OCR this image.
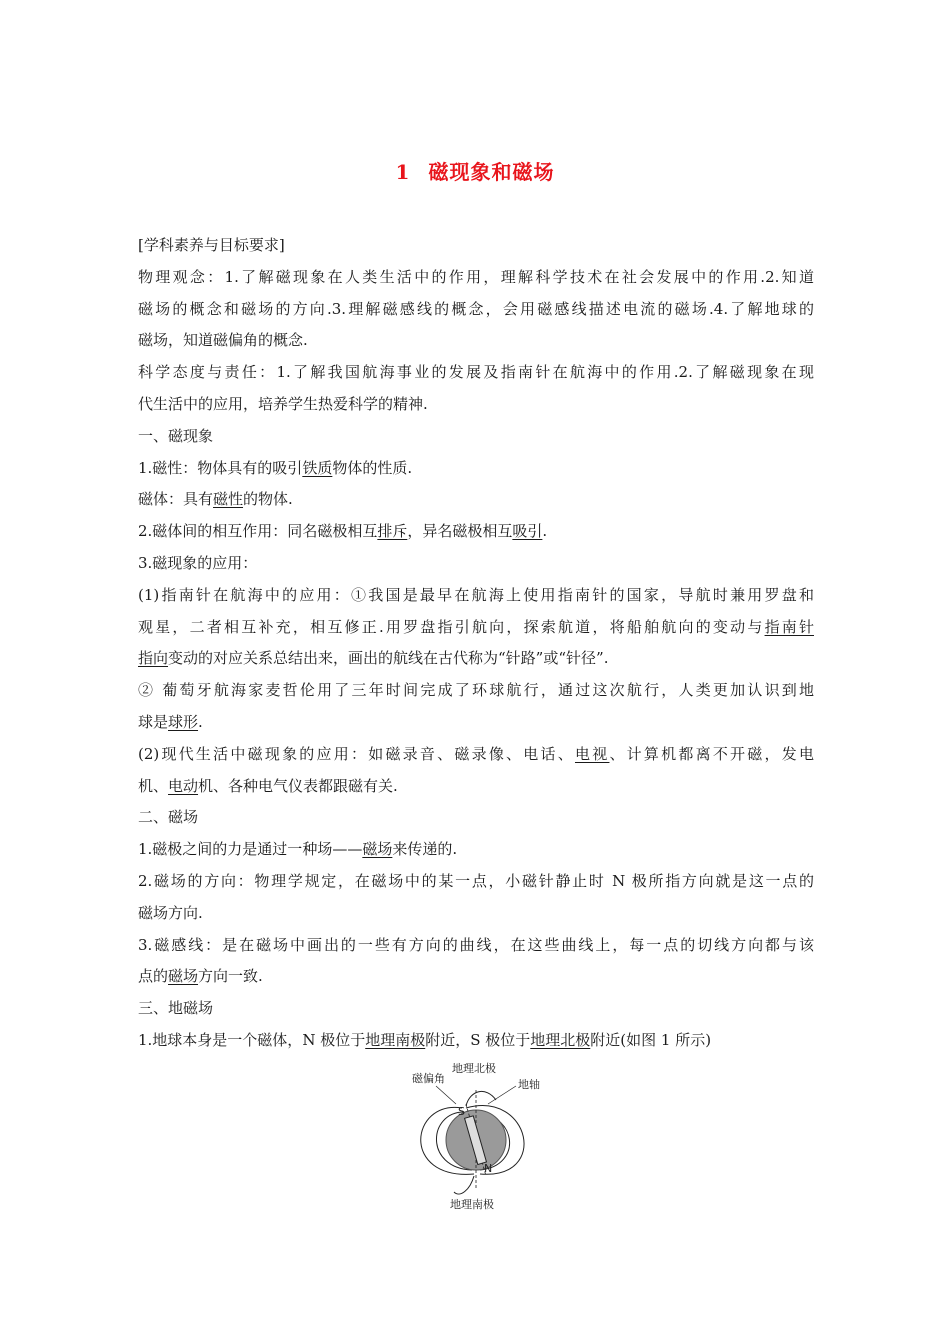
1 磁现象和磁场
[学科素养与目标要求]
物理观念：1.了解磁现象在人类生活中的作用，理解科学技术在社会发展中的作用.2.知道
磁场的概念和磁场的方向.3.理解磁感线的概念，会用磁感线描述电流的磁场.4.了解地球的
磁场，知道磁偏角的概念.
科学态度与责任：1.了解我国航海事业的发展及指南针在航海中的作用.2.了解磁现象在现
代生活中的应用，培养学生热爱科学的精神.
一、磁现象
1.磁性：物体具有的吸引铁质物体的性质.
磁体：具有磁性的物体.
2.磁体间的相互作用：同名磁极相互排斥，异名磁极相互吸引.
3.磁现象的应用：
(1)指南针在航海中的应用：①我国是最早在航海上使用指南针的国家，导航时兼用罗盘和
观星，二者相互补充，相互修正.用罗盘指引航向，探索航道，将船舶航向的变动与指南针
指向变动的对应关系总结出来，画出的航线在古代称为“针路”或“针径”.
② 葡萄牙航海家麦哲伦用了三年时间完成了环球航行，通过这次航行，人类更加认识到地
球是球形.
(2)现代生活中磁现象的应用：如磁录音、磁录像、电话、电视、计算机都离不开磁，发电
机、电动机、各种电气仪表都跟磁有关.
二、磁场
1.磁极之间的力是通过一种场——磁场来传递的.
2.磁场的方向：物理学规定，在磁场中的某一点，小磁针静止时 N 极所指方向就是这一点的
磁场方向.
3.磁感线：是在磁场中画出的一些有方向的曲线，在这些曲线上，每一点的切线方向都与该
点的磁场方向一致.
三、地磁场
1.地球本身是一个磁体，N 极位于地理南极附近，S 极位于地理北极附近(如图 1 所示)
磁偏角
地理北极
地轴
地理南极
S
N
